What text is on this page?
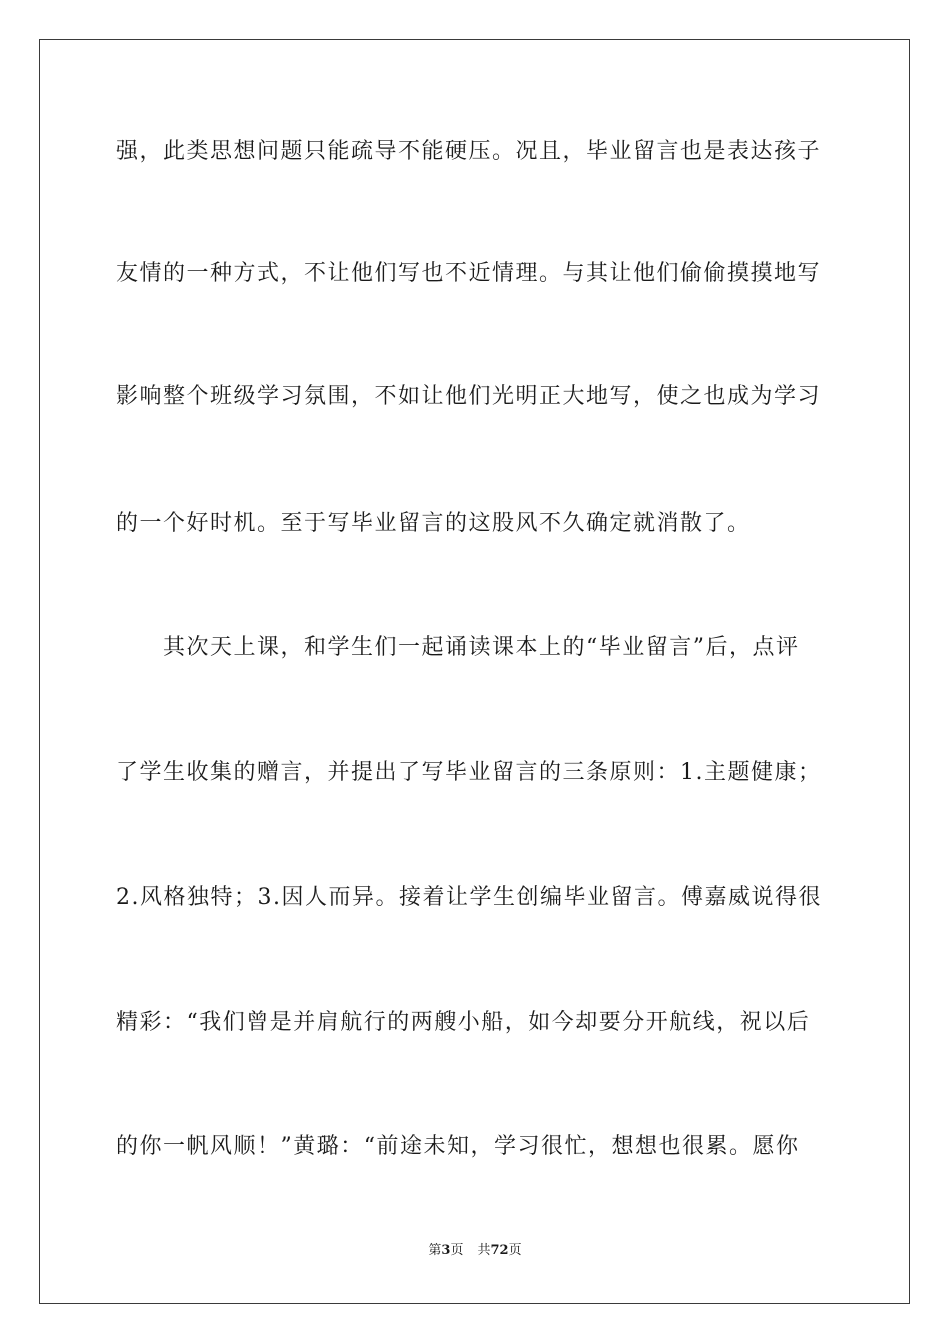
强，此类思想问题只能疏导不能硬压。况且，毕业留言也是表达孩子
友情的一种方式，不让他们写也不近情理。与其让他们偷偷摸摸地写
影响整个班级学习氛围，不如让他们光明正大地写，使之也成为学习
的一个好时机。至于写毕业留言的这股风不久确定就消散了。
其次天上课，和学生们一起诵读课本上的“毕业留言”后，点评
了学生收集的赠言，并提出了写毕业留言的三条原则：1.主题健康；
2.风格独特；3.因人而异。接着让学生创编毕业留言。傅嘉威说得很
精彩：“我们曾是并肩航行的两艘小船，如今却要分开航线，祝以后
的你一帆风顺！”黄璐：“前途未知，学习很忙，想想也很累。愿你
第3页 共72页
